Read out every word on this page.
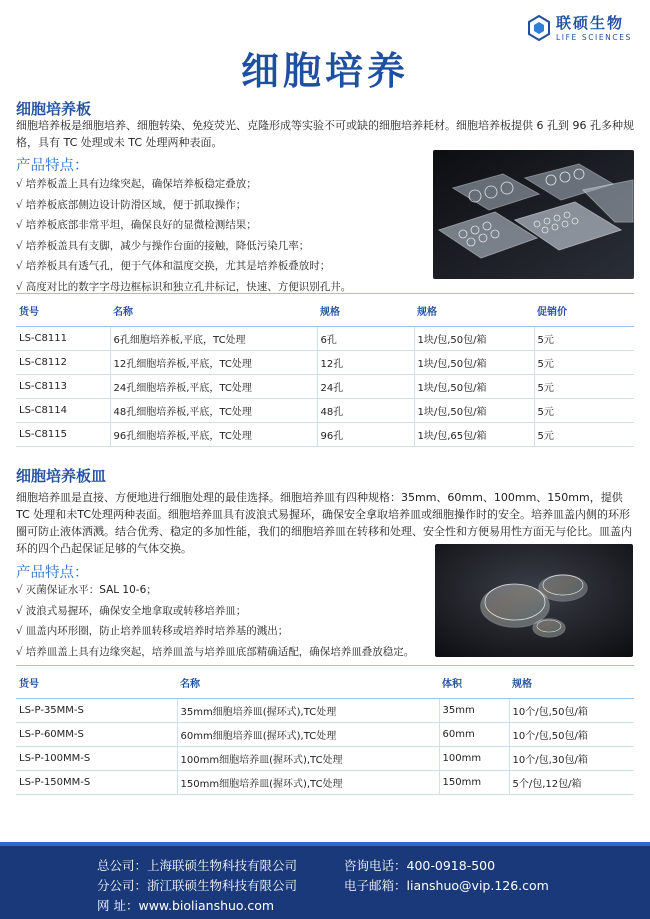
联硕生物
LIFE SCIENCES
细胞培养
细胞培养板
细胞培养板是细胞培养、细胞转染、免疫荧光、克隆形成等实验不可或缺的细胞培养耗材。细胞培养板提供 6 孔到 96 孔多种规格，具有 TC 处理或未 TC 处理两种表面。
产品特点：
√ 培养板盖上具有边缘突起，确保培养板稳定叠放；
√ 培养板底部侧边设计防滑区域，便于抓取操作；
√ 培养板底部非常平坦，确保良好的显微检测结果；
√ 培养板盖具有支脚，减少与操作台面的接触，降低污染几率；
√ 培养板具有透气孔，便于气体和温度交换，尤其是培养板叠放时；
√ 高度对比的数字字母边框标识和独立孔井标记，快速、方便识别孔井。
货号	名称	规格	规格	促销价
LS-C8111	6孔细胞培养板,平底，TC处理	6孔	1块/包,50包/箱	5元
LS-C8112	12孔细胞培养板,平底，TC处理	12孔	1块/包,50包/箱	5元
LS-C8113	24孔细胞培养板,平底，TC处理	24孔	1块/包,50包/箱	5元
LS-C8114	48孔细胞培养板,平底，TC处理	48孔	1块/包,50包/箱	5元
LS-C8115	96孔细胞培养板,平底，TC处理	96孔	1块/包,65包/箱	5元
细胞培养板皿
细胞培养皿是直接、方便地进行细胞处理的最佳选择。细胞培养皿有四种规格：35mm、60mm、100mm、150mm，提供 TC 处理和未TC处理两种表面。细胞培养皿具有波浪式易握环，确保安全拿取培养皿或细胞操作时的安全。培养皿盖内侧的环形圈可防止液体洒溅。结合优秀、稳定的多加性能，我们的细胞培养皿在转移和处理、安全性和方便易用性方面无与伦比。皿盖内环的四个凸起保证足够的气体交换。
产品特点：
√ 灭菌保证水平：SAL 10-6；
√ 波浪式易握环，确保安全地拿取或转移培养皿；
√ 皿盖内环形圈，防止培养皿转移或培养时培养基的溅出；
√ 培养皿盖上具有边缘突起，培养皿盖与培养皿底部精确适配，确保培养皿叠放稳定。
货号	名称	体积	规格
LS-P-35MM-S	35mm细胞培养皿(握环式),TC处理	35mm	10个/包,50包/箱
LS-P-60MM-S	60mm细胞培养皿(握环式),TC处理	60mm	10个/包,50包/箱
LS-P-100MM-S	100mm细胞培养皿(握环式),TC处理	100mm	10个/包,30包/箱
LS-P-150MM-S	150mm细胞培养皿(握环式),TC处理	150mm	5个/包,12包/箱
总公司：上海联硕生物科技有限公司
分公司：浙江联硕生物科技有限公司
网 址：www.biolianshuo.com
咨询电话：400-0918-500
电子邮箱：lianshuo@vip.126.com
